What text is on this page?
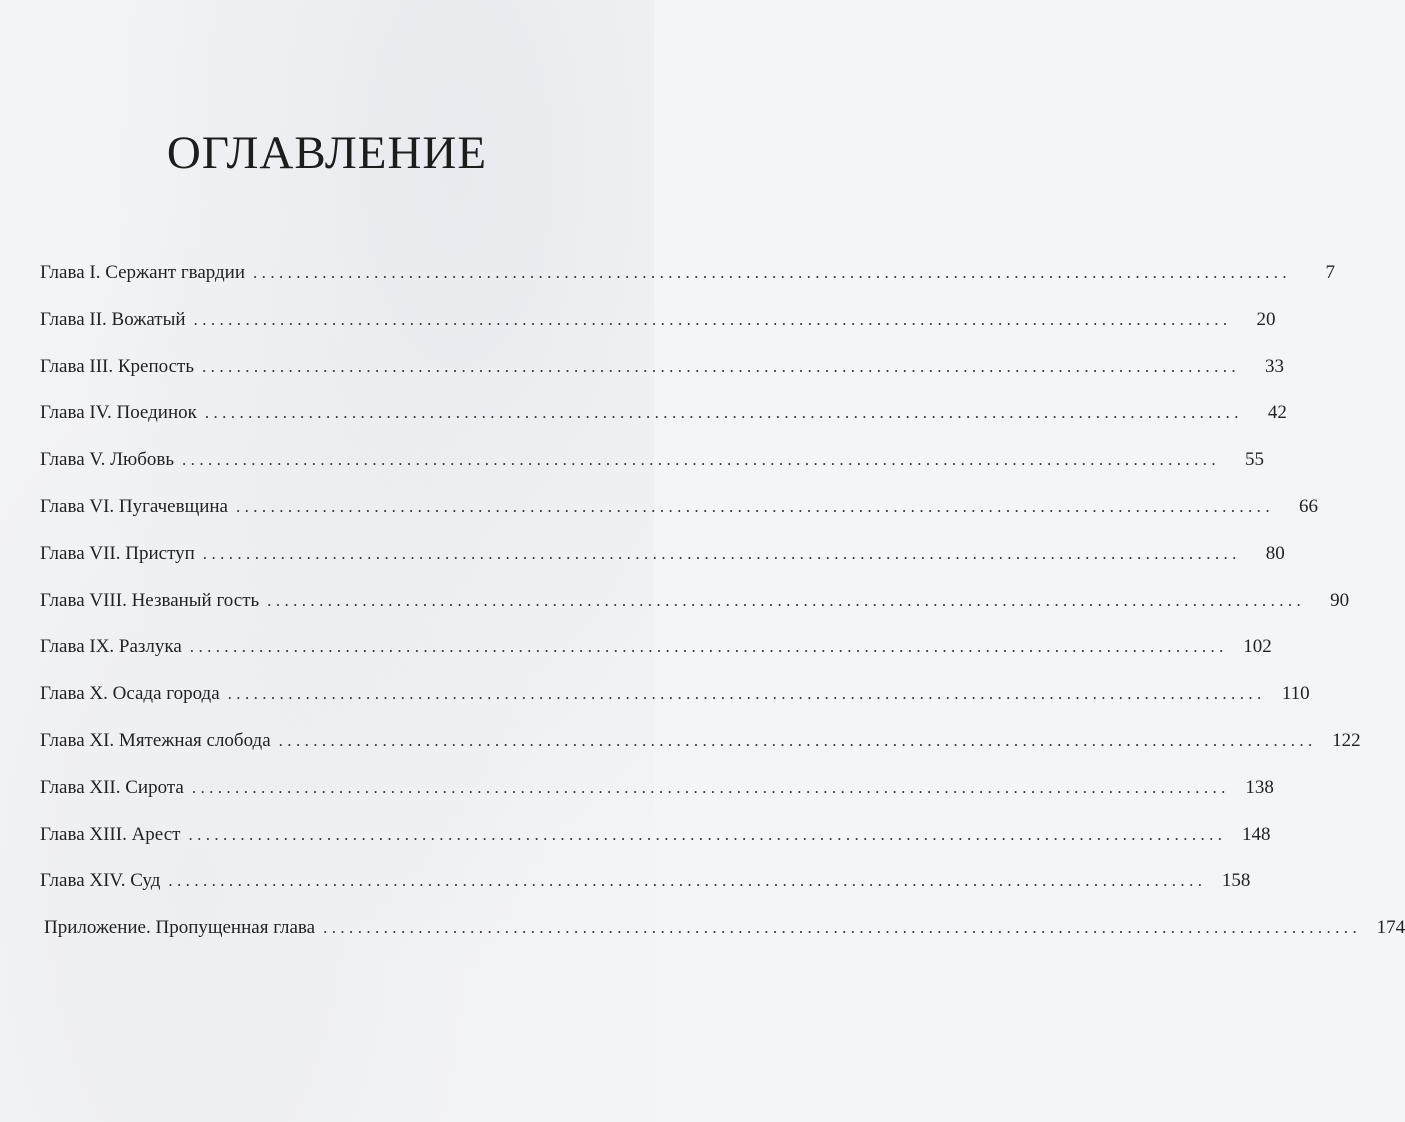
ОГЛАВЛЕНИЕ
Глава I. Сержант гвардии ........................................................................................................................	7
Глава II. Вожатый ........................................................................................................................	20
Глава III. Крепость ........................................................................................................................	33
Глава IV. Поединок ........................................................................................................................	42
Глава V. Любовь ........................................................................................................................	55
Глава VI. Пугачевщина ........................................................................................................................	66
Глава VII. Приступ ........................................................................................................................	80
Глава VIII. Незваный гость ........................................................................................................................	90
Глава IX. Разлука ........................................................................................................................ 102
Глава X. Осада города ........................................................................................................................ 110
Глава XI. Мятежная слобода ........................................................................................................................ 122
Глава XII. Сирота ........................................................................................................................ 138
Глава XIII. Арест ........................................................................................................................ 148
Глава XIV. Суд ........................................................................................................................ 158
Приложение. Пропущенная глава ........................................................................................................................ 174
